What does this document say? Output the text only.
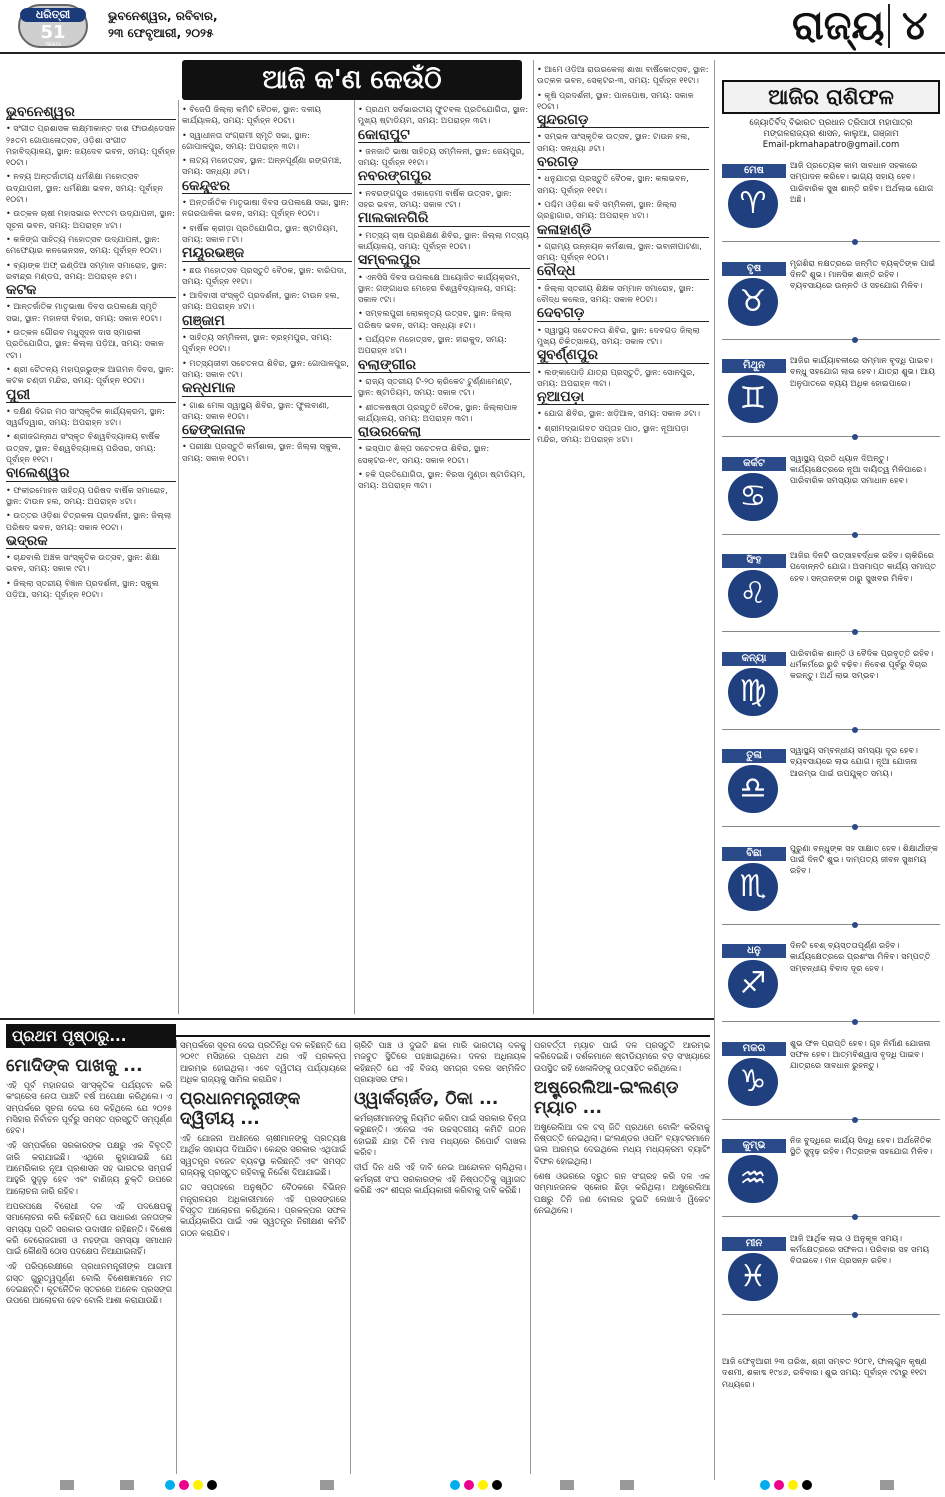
ଧରିତ୍ରୀ
51
Years
ଭୁବନେଶ୍ୱର, ରବିବାର,
୨୩ ଫେବୃଆରୀ, ୨୦୨୫	ରାଜ୍ୟ ୪
ଆଜି କ'ଣ କେଉଁଠି
ଭୁବନେଶ୍ୱର

• ସଂଗୀତ ପ୍ରଶାସକ ଲକ୍ଷ୍ମୀକାନ୍ତ ଦାଶ ଫାଉଣ୍ଡେସନ ୨୫ତମ ଗୋପାଳୋତ୍ସବ, ଓଡ଼ିଶା ସଂଗୀତ ମହାବିଦ୍ୟାଳୟ, ସ୍ଥାନ: ଜୟଦେବ ଭବନ, ସମୟ: ପୂର୍ବାହ୍ନ ୧୦ଟା।

• ନବ୍ୟ ଅନ୍ତର୍ଜାତୀୟ ଧର୍ମଶିକ୍ଷା ମହୋତ୍ସବ ଉଦ୍‌ଯାପନୀ, ସ୍ଥାନ: ଧର୍ମଶିକ୍ଷା ଭବନ, ସମୟ: ପୂର୍ବାହ୍ନ ୧୦ଟା।

• ଉତ୍କଳ ଚାଷୀ ମହାସଭାର ୧୯୯ତମ ଉଦ୍‌ଯାପନୀ, ସ୍ଥାନ: ସୂଚନା ଭବନ, ସମୟ: ଅପରାହ୍ନ ୪ଟା।

• କଳିଙ୍ଗ ସାହିତ୍ୟ ମହୋତ୍ସବ ଉଦ୍‌ଯାପନୀ, ସ୍ଥାନ: ମେଫେୟାର କନଭେନସନ, ସମୟ: ପୂର୍ବାହ୍ନ ୧୦ଟା।

• ବ୍ୟାଙ୍କ ଅଫ୍ ଇଣ୍ଡିଆ ସମ୍ମାନ ସମାରୋହ, ସ୍ଥାନ: ରବୀନ୍ଦ୍ର ମଣ୍ଡପ, ସମୟ: ଅପରାହ୍ନ ୫ଟା।

କଟକ

• ଆନ୍ତର୍ଜାତିକ ମାତୃଭାଷା ଦିବସ ଉପଲକ୍ଷେ ସ୍ମୃତି ସଭା, ସ୍ଥାନ: ମହାନଦୀ ବିହାର, ସମୟ: ସକାଳ ୧୦ଟା।

• ଉତ୍କଳ ଗୌରବ ମଧୁସୂଦନ ଦାସ ସ୍ମାରକୀ ପ୍ରତିଯୋଗିତା, ସ୍ଥାନ: କିଲ୍ଲା ପଡ଼ିଆ, ସମୟ: ସକାଳ ୯ଟା।

• ଶ୍ରୀ ଚୈତନ୍ୟ ମହାପ୍ରଭୁଙ୍କ ଆଗମନ ଦିବସ, ସ୍ଥାନ: କଟକ ଚଣ୍ଡୀ ମନ୍ଦିର, ସମୟ: ପୂର୍ବାହ୍ନ ୧୦ଟା।

ପୁରୀ

• ଦକ୍ଷିଣ ଦିଗର ମଠ ସାଂସ୍କୃତିକ କାର୍ଯ୍ୟକ୍ରମ, ସ୍ଥାନ: ସ୍ୱର୍ଗଦ୍ୱାର, ସମୟ: ଅପରାହ୍ନ ୪ଟା।

• ଶ୍ରୀଜଗନ୍ନାଥ ସଂସ୍କୃତ ବିଶ୍ୱବିଦ୍ୟାଳୟ ବାର୍ଷିକ ଉତ୍ସବ, ସ୍ଥାନ: ବିଶ୍ୱବିଦ୍ୟାଳୟ ପରିସର, ସମୟ: ପୂର୍ବାହ୍ନ ୧୧ଟା।

ବାଲେଶ୍ୱର

• ଫକୀରମୋହନ ସାହିତ୍ୟ ପରିଷଦ ବାର୍ଷିକ ସମାରୋହ, ସ୍ଥାନ: ଟାଉନ ହଲ, ସମୟ: ଅପରାହ୍ନ ୪ଟା।

• ଉତ୍ତର ଓଡ଼ିଶା ଚିତ୍ରକଳା ପ୍ରଦର୍ଶନୀ, ସ୍ଥାନ: ଜିଲ୍ଲା ପରିଷଦ ଭବନ, ସମୟ: ସକାଳ ୧୦ଟା।

ଭଦ୍ରକ

• ଚାନ୍ଦବାଲି ଅଞ୍ଚଳ ସାଂସ୍କୃତିକ ଉତ୍ସବ, ସ୍ଥାନ: ଶିକ୍ଷା ଭବନ, ସମୟ: ସକାଳ ୯ଟା।

• ଜିଲ୍ଲା ସ୍ତରୀୟ ବିଜ୍ଞାନ ପ୍ରଦର୍ଶନୀ, ସ୍ଥାନ: ସ୍କୁଲ ପଡ଼ିଆ, ସମୟ: ପୂର୍ବାହ୍ନ ୧୦ଟା।

• ବିଜେପି ଜିଲ୍ଲା କମିଟି ବୈଠକ, ସ୍ଥାନ: ଦଳୀୟ କାର୍ଯ୍ୟାଳୟ, ସମୟ: ପୂର୍ବାହ୍ନ ୧୦ଟା।

• ସ୍ୱାଧୀନତା ସଂଗ୍ରାମୀ ସ୍ମୃତି ସଭା, ସ୍ଥାନ: ଗୋପାଳପୁର, ସମୟ: ଅପରାହ୍ନ ୩ଟା।

• ନାଟ୍ୟ ମହୋତ୍ସବ, ସ୍ଥାନ: ଅନ୍ନପୂର୍ଣ୍ଣା ରଙ୍ଗମଞ୍ଚ, ସମୟ: ସନ୍ଧ୍ୟା ୬ଟା।

କେନ୍ଦୁଝର

• ଅନ୍ତର୍ଜାତିକ ମାତୃଭାଷା ଦିବସ ଉପଲକ୍ଷେ ସଭା, ସ୍ଥାନ: ନଗରପାଳିକା ଭବନ, ସମୟ: ପୂର୍ବାହ୍ନ ୧୦ଟା।

• ବାର୍ଷିକ କ୍ରୀଡ଼ା ପ୍ରତିଯୋଗିତା, ସ୍ଥାନ: ଷ୍ଟାଡିୟମ, ସମୟ: ସକାଳ ୮ଟା।

ମୟୂରଭଞ୍ଜ

• ଛଉ ମହୋତ୍ସବ ପ୍ରସ୍ତୁତି ବୈଠକ, ସ୍ଥାନ: ବାରିପଦା, ସମୟ: ପୂର୍ବାହ୍ନ ୧୧ଟା।

• ଆଦିବାସୀ ସଂସ୍କୃତି ପ୍ରଦର୍ଶନୀ, ସ୍ଥାନ: ଟାଉନ ହଲ, ସମୟ: ଅପରାହ୍ନ ୪ଟା।

ଗଞ୍ଜାମ

• ସାହିତ୍ୟ ସମ୍ମିଳନୀ, ସ୍ଥାନ: ବ୍ରହ୍ମପୁର, ସମୟ: ପୂର୍ବାହ୍ନ ୧୦ଟା।

• ମତ୍ସ୍ୟଜୀବୀ ସଚେତନତା ଶିବିର, ସ୍ଥାନ: ଗୋପାଳପୁର, ସମୟ: ସକାଳ ୯ଟା।

କନ୍ଧମାଳ

• ଗାଈ ମେଳା ସ୍ୱାସ୍ଥ୍ୟ ଶିବିର, ସ୍ଥାନ: ଫୁଲବାଣୀ, ସମୟ: ସକାଳ ୧୦ଟା।

ଢେଙ୍କାନାଳ

• ପରୀକ୍ଷା ପ୍ରସ୍ତୁତି କର୍ମଶାଳା, ସ୍ଥାନ: ଜିଲ୍ଲା ସ୍କୁଲ, ସମୟ: ସକାଳ ୧୦ଟା।

• ପ୍ରଥମ ସର୍ବଭାରତୀୟ ଫୁଟବଲ ପ୍ରତିଯୋଗିତା, ସ୍ଥାନ: ମୁଖ୍ୟ ଷ୍ଟାଡିୟମ, ସମୟ: ଅପରାହ୍ନ ୩ଟା।

କୋରାପୁଟ

• ଜନଜାତି ଭାଷା ସାହିତ୍ୟ ସମ୍ମିଳନୀ, ସ୍ଥାନ: ଜେୟପୁର, ସମୟ: ପୂର୍ବାହ୍ନ ୧୧ଟା।

ନବରଙ୍ଗପୁର

• ନବରଙ୍ଗପୁର ଏକାଡ଼େମୀ ବାର୍ଷିକ ଉତ୍ସବ, ସ୍ଥାନ: ସହର ଭବନ, ସମୟ: ସକାଳ ୯ଟା।

ମାଲକାନଗିରି

• ମତ୍ସ୍ୟ ଚାଷ ପ୍ରଶିକ୍ଷଣ ଶିବିର, ସ୍ଥାନ: ଜିଲ୍ଲା ମତ୍ସ୍ୟ କାର୍ଯ୍ୟାଳୟ, ସମୟ: ପୂର୍ବାହ୍ନ ୧୦ଟା।

ସମ୍ବଲପୁର

• ଏନସିସି ଦିବସ ଉପଲକ୍ଷେ ଆୟୋଜିତ କାର୍ଯ୍ୟକ୍ରମ, ସ୍ଥାନ: ଗଙ୍ଗାଧର ମେହେର ବିଶ୍ୱବିଦ୍ୟାଳୟ, ସମୟ: ସକାଳ ୯ଟା।

• ସମ୍ବଲପୁରୀ ଲୋକନୃତ୍ୟ ଉତ୍ସବ, ସ୍ଥାନ: ଜିଲ୍ଲା ପରିଷଦ ଭବନ, ସମୟ: ସନ୍ଧ୍ୟା ୫ଟା।

• ପର୍ଯ୍ୟଟନ ମହୋତ୍ସବ, ସ୍ଥାନ: ହୀରାକୁଦ, ସମୟ: ଅପରାହ୍ନ ୪ଟା।

ବଲାଙ୍ଗୀର

• ରାଜ୍ୟ ସ୍ତରୀୟ ଟି-୨୦ କ୍ରିକେଟ ଟୁର୍ଣ୍ଣାମେଣ୍ଟ, ସ୍ଥାନ: ଷ୍ଟାଡିୟମ, ସମୟ: ସକାଳ ୯ଟା।

• ଶୀତଳଷଷ୍ଠୀ ପ୍ରସ୍ତୁତି ବୈଠକ, ସ୍ଥାନ: ଜିଲ୍ଲାପାଳ କାର୍ଯ୍ୟାଳୟ, ସମୟ: ଅପରାହ୍ନ ୩ଟା।

ରାଉରକେଲା

• ଇସ୍ପାତ ଶିଳ୍ପ ସଚେତନତା ଶିବିର, ସ୍ଥାନ: ସେକ୍ଟର-୧୯, ସମୟ: ସକାଳ ୧୦ଟା।

• ହକି ପ୍ରତିଯୋଗିତା, ସ୍ଥାନ: ବିରସା ମୁଣ୍ଡା ଷ୍ଟାଡିୟମ, ସମୟ: ଅପରାହ୍ନ ୩ଟା।

• ଆମେ ଓଡ଼ିଆ ରାଉରକେଲା ଶାଖା ବାର୍ଷିକୋତ୍ସବ, ସ୍ଥାନ: ଉତ୍କଳ ଭବନ, ସେକ୍ଟର-୩, ସମୟ: ପୂର୍ବାହ୍ନ ୧୧ଟା।

• କୃଷି ପ୍ରଦର୍ଶନୀ, ସ୍ଥାନ: ପାନପୋଷ, ସମୟ: ସକାଳ ୧୦ଟା।

ସୁନ୍ଦରଗଡ଼

• ସମ୍ଭଳ ସାଂସ୍କୃତିକ ଉତ୍ସବ, ସ୍ଥାନ: ଟାଉନ ହଲ, ସମୟ: ସନ୍ଧ୍ୟା ୬ଟା।

ବରଗଡ଼

• ଧନୁଯାତ୍ରା ପ୍ରସ୍ତୁତି ବୈଠକ, ସ୍ଥାନ: କଳାଭବନ, ସମୟ: ପୂର୍ବାହ୍ନ ୧୧ଟା।

• ପଶ୍ଚିମ ଓଡ଼ିଶା କବି ସମ୍ମିଳନୀ, ସ୍ଥାନ: ଜିଲ୍ଲା ଗ୍ରନ୍ଥାଗାର, ସମୟ: ଅପରାହ୍ନ ୪ଟା।

କଳାହାଣ୍ଡି

• ଗ୍ରାମ୍ୟ ଉନ୍ନୟନ କର୍ମଶାଳା, ସ୍ଥାନ: ଭବାନୀପାଟଣା, ସମୟ: ପୂର୍ବାହ୍ନ ୧୦ଟା।

ବୌଦ୍ଧ

• ଜିଲ୍ଲା ସ୍ତରୀୟ ଶିକ୍ଷକ ସମ୍ମାନ ସମାରୋହ, ସ୍ଥାନ: ବୌଦ୍ଧ କଲେଜ, ସମୟ: ସକାଳ ୧୦ଟା।

ଦେବଗଡ଼

• ସ୍ୱାସ୍ଥ୍ୟ ସଚେତନତା ଶିବିର, ସ୍ଥାନ: ଦେବଗଡ଼ ଜିଲ୍ଲା ମୁଖ୍ୟ ଚିକିତ୍ସାଳୟ, ସମୟ: ସକାଳ ୯ଟା।

ସୁବର୍ଣ୍ଣପୁର

• ଲଙ୍କାପୋଡ଼ି ଯାତ୍ରା ପ୍ରସ୍ତୁତି, ସ୍ଥାନ: ସୋନପୁର, ସମୟ: ଅପରାହ୍ନ ୩ଟା।

ନୂଆପଡ଼ା

• ଯୋଗ ଶିବିର, ସ୍ଥାନ: ଖଡ଼ିଆଳ, ସମୟ: ସକାଳ ୬ଟା।

• ଶ୍ରୀମଦ୍‌ଭାଗବତ ସପ୍ତାହ ପାଠ, ସ୍ଥାନ: ନୂଆପଡ଼ା ମନ୍ଦିର, ସମୟ: ଅପରାହ୍ନ ୪ଟା।

ଆଜିର ରାଶିଫଳ
ଜ୍ୟୋତିର୍ବିଦ୍ ବିଭାରତ ପ୍ରଧାନ ତ୍ରିପାଠୀ ମହାପାତ୍ର
ମଙ୍ଗଳରାଜ୍ୟର ଶାସନ, କାଲୁଆ, ଗଞ୍ଜାମ
Email-pkmahapatro@gmail.com
ମେଷ
♈
ଆଜି ପ୍ରତ୍ୟେକ କାମ ସାବଧାନ ସହକାରେ ସମ୍ପାଦନ କରିବେ। ଭାଗ୍ୟ ସହାୟ ହେବ। ପାରିବାରିକ ସୁଖ ଶାନ୍ତି ରହିବ। ଅର୍ଥଲାଭ ଯୋଗ ଅଛି।
ବୃଷ
♉
ମୃଗଶିରା ନକ୍ଷତ୍ରରେ ଜନ୍ମିତ ବ୍ୟକ୍ତିଙ୍କ ପାଇଁ ଦିନଟି ଶୁଭ। ମାନସିକ ଶାନ୍ତି ରହିବ। ବ୍ୟବସାୟରେ ଉନ୍ନତି ଓ ସହଯୋଗ ମିଳିବ।
ମିଥୁନ
♊
ଆଜିର କାର୍ଯ୍ୟାବଳୀରେ ସମ୍ମାନ ବୃଦ୍ଧି ପାଇବ। ବନ୍ଧୁ ସହଯୋଗ ଲାଭ ହେବ। ଯାତ୍ରା ଶୁଭ। ଆୟ ଅନୁପାତରେ ବ୍ୟୟ ଅଧିକ ହୋଇପାରେ।
କର୍କଟ
♋
ସ୍ୱାସ୍ଥ୍ୟ ପ୍ରତି ଧ୍ୟାନ ଦିଅନ୍ତୁ। କାର୍ଯ୍ୟକ୍ଷେତ୍ରରେ ନୂଆ ଦାୟିତ୍ୱ ମିଳିପାରେ। ପାରିବାରିକ ସମସ୍ୟାର ସମାଧାନ ହେବ।
ସିଂହ
♌
ଆଜିର ଦିନଟି ଉତ୍ସାହବର୍ଦ୍ଧକ ରହିବ। ଚାକିରିରେ ପଦୋନ୍ନତି ଯୋଗ। ଅସମାପ୍ତ କାର୍ଯ୍ୟ ସମାପ୍ତ ହେବ। ସନ୍ତାନଙ୍କ ଠାରୁ ସୁଖବର ମିଳିବ।
କନ୍ୟା
♍
ପାରିବାରିକ ଶାନ୍ତି ଓ ବୈଦିକ ପ୍ରବୃତ୍ତି ରହିବ। ଧର୍ମକର୍ମରେ ରୁଚି ବଢ଼ିବ। ନିବେଶ ପୂର୍ବରୁ ବିଚାର କରନ୍ତୁ। ଅର୍ଥ ଲାଭ ସମ୍ଭବ।
ତୁଳା
♎
ସ୍ୱାସ୍ଥ୍ୟ ସମ୍ବନ୍ଧୀୟ ସମସ୍ୟା ଦୂର ହେବ। ବ୍ୟବସାୟରେ ଲାଭ ଯୋଗ। ନୂଆ ଯୋଜନା ଆରମ୍ଭ ପାଇଁ ଉପଯୁକ୍ତ ସମୟ।
ବିଛା
♏
ପୁରୁଣା ବନ୍ଧୁଙ୍କ ସହ ସାକ୍ଷାତ ହେବ। ଶିକ୍ଷାର୍ଥୀଙ୍କ ପାଇଁ ଦିନଟି ଶୁଭ। ଦାମ୍ପତ୍ୟ ଜୀବନ ସୁଖମୟ ରହିବ।
ଧନୁ
♐
ଦିନଟି ବେଶ୍ ବ୍ୟସ୍ତତାପୂର୍ଣ୍ଣ ରହିବ। କାର୍ଯ୍ୟକ୍ଷେତ୍ରରେ ପ୍ରଶଂସା ମିଳିବ। ସମ୍ପତ୍ତି ସମ୍ବନ୍ଧୀୟ ବିବାଦ ଦୂର ହେବ।
ମକର
♑
ଶୁଭ ଫଳ ପ୍ରାପ୍ତି ହେବ। ଗୃହ ନିର୍ମାଣ ଯୋଜନା ସଫଳ ହେବ। ଆତ୍ମବିଶ୍ୱାସ ବୃଦ୍ଧି ପାଇବ। ଯାତ୍ରାରେ ସାବଧାନ ରୁହନ୍ତୁ।
କୁମ୍ଭ
♒
ନିଜ ବୁଦ୍ଧିରେ କାର୍ଯ୍ୟ ସିଦ୍ଧି ହେବ। ଅର୍ଥନୈତିକ ସ୍ଥିତି ସୁଦୃଢ଼ ରହିବ। ମିତ୍ରଙ୍କ ସହଯୋଗ ମିଳିବ।
ମୀନ
♓
ଆଜି ଆର୍ଥିକ ଲାଭ ଓ ଅନୁକୂଳ ସମୟ। କର୍ମକ୍ଷେତ୍ରରେ ସଫଳତା। ପରିବାର ସହ ସମୟ ବିତାଇବେ। ମନ ପ୍ରସନ୍ନ ରହିବ।
ଆଜି ଫେବୃଆରୀ ୨୩ ତାରିଖ, ଶ୍ରୀ ସମ୍ବତ ୨୦୮୧, ଫାଲ୍‌ଗୁନ କୃଷ୍ଣ ଦଶମୀ, ଶକାବ୍ଦ ୧୯୪୬, ରବିବାର। ଶୁଭ ସମୟ: ପୂର୍ବାହ୍ନ ୯ଟାରୁ ୧୧ଟା ମଧ୍ୟରେ।
ପ୍ରଥମ ପୃଷ୍ଠାରୁ...
ମୋଦିଙ୍କ ପାଖକୁ ...

ଏହି ପୂର୍ବ ମହାନଗର ସାଂସ୍କୃତିକ ପର୍ଯ୍ୟଟନ କରି କଂଗ୍ରେସ ନେତା ପାଞ୍ଚଟି ବର୍ଷ ଅପେକ୍ଷା କରିଥିଲେ। ଏ ସମ୍ପର୍କରେ ସୂଚନା ଦେଇ ସେ କହିଥିଲେ ଯେ ୨୦୨୫ ମସିହାର ନିର୍ବାଚନ ପୂର୍ବରୁ ସମସ୍ତ ପ୍ରସ୍ତୁତି ସମ୍ପୂର୍ଣ୍ଣ ହେବ।

ଏହି ସମ୍ପର୍କରେ ସରକାରଙ୍କ ପକ୍ଷରୁ ଏକ ବିବୃତ୍ତି ଜାରି କରାଯାଇଛି। ଏଥିରେ କୁହାଯାଇଛି ଯେ ଆମେରିକାର ନୂଆ ପ୍ରଶାସନ ସହ ଭାରତର ସମ୍ପର୍କ ଆହୁରି ସୁଦୃଢ଼ ହେବ ଏବଂ ବାଣିଜ୍ୟ ଚୁକ୍ତି ଉପରେ ଆଲୋଚନା ଜାରି ରହିବ।

ଅପରପକ୍ଷେ ବିରୋଧୀ ଦଳ ଏହି ପଦକ୍ଷେପକୁ ସମାଲୋଚନା କରି କହିଛନ୍ତି ଯେ ସାଧାରଣ ଜନତାଙ୍କ ସମସ୍ୟା ପ୍ରତି ସରକାର ଉଦାସୀନ ରହିଛନ୍ତି। ବିଶେଷ କରି ବେରୋଜଗାରୀ ଓ ମହଙ୍ଗା ସମସ୍ୟା ସମାଧାନ ପାଇଁ କୌଣସି ଠୋସ ପଦକ୍ଷେପ ନିଆଯାଇନାହିଁ।

ଏହି ପରିପ୍ରେକ୍ଷୀରେ ପ୍ରଧାନମନ୍ତ୍ରୀଙ୍କ ଆଗାମୀ ଗସ୍ତ ଗୁରୁତ୍ୱପୂର୍ଣ୍ଣ ବୋଲି ବିଶେଷଜ୍ଞମାନେ ମତ ଦେଇଛନ୍ତି। କୂଟନୈତିକ ସ୍ତରରେ ଅନେକ ପ୍ରସଙ୍ଗ ଉପରେ ଆଲୋଚନା ହେବ ବୋଲି ଆଶା କରାଯାଉଛି।

ସମ୍ପର୍କରେ ସୂଚନା ଦେଇ ପ୍ରତିନିଧି ଦଳ କହିଛନ୍ତି ଯେ ୨୦୧୯ ମସିହାରେ ପ୍ରଥମ ଥର ଏହି ପ୍ରକଳ୍ପ ଆରମ୍ଭ ହୋଇଥିଲା। ଏବେ ଦ୍ୱିତୀୟ ପର୍ଯ୍ୟାୟରେ ଅଧିକ ରାଜ୍ୟକୁ ସାମିଲ କରାଯିବ।

ପ୍ରଧାନମନ୍ତ୍ରୀଙ୍କ ଦ୍ୱିତୀୟ ...

ଏହି ଯୋଜନା ଅଧୀନରେ ଚାଷୀମାନଙ୍କୁ ପ୍ରତ୍ୟକ୍ଷ ଆର୍ଥିକ ସହାୟତା ଦିଆଯିବ। କେନ୍ଦ୍ର ସରକାର ଏଥିପାଇଁ ସ୍ୱତନ୍ତ୍ର ବଜେଟ ବ୍ୟବସ୍ଥା କରିଛନ୍ତି ଏବଂ ସମସ୍ତ ରାଜ୍ୟକୁ ପ୍ରସ୍ତୁତ ରହିବାକୁ ନିର୍ଦ୍ଦେଶ ଦିଆଯାଇଛି।

ଗତ ସପ୍ତାହରେ ଅନୁଷ୍ଠିତ ବୈଠକରେ ବିଭିନ୍ନ ମନ୍ତ୍ରାଳୟର ଅଧିକାରୀମାନେ ଏହି ପ୍ରସଙ୍ଗରେ ବିସ୍ତୃତ ଆଲୋଚନା କରିଥିଲେ। ପ୍ରକଳ୍ପର ସଫଳ କାର୍ଯ୍ୟକାରିତା ପାଇଁ ଏକ ସ୍ୱତନ୍ତ୍ର ନିରୀକ୍ଷଣ କମିଟି ଗଠନ କରାଯିବ।

ଚାରିଟି ପାଞ୍ଚ ଓ ଦୁଇଟି ଛକା ମାରି ଭାରତୀୟ ଦଳକୁ ମଜବୁତ ସ୍ଥିତିରେ ପହଞ୍ଚାଇଥିଲେ। ଦଳର ଅଧିନାୟକ କହିଛନ୍ତି ଯେ ଏହି ବିଜୟ ସମଗ୍ର ଦଳର ସମ୍ମିଳିତ ପ୍ରୟାସର ଫଳ।

ଓ୍ୱାର୍କଚାର୍ଜଡ, ଠିକା ...

କର୍ମଚାରୀମାନଙ୍କୁ ନିୟମିତ କରିବା ପାଇଁ ସରକାର ଚିନ୍ତା କରୁଛନ୍ତି। ଏନେଇ ଏକ ଉଚ୍ଚସ୍ତରୀୟ କମିଟି ଗଠନ ହୋଇଛି ଯାହା ତିନି ମାସ ମଧ୍ୟରେ ରିପୋର୍ଟ ଦାଖଲ କରିବ।

ଦୀର୍ଘ ଦିନ ଧରି ଏହି ଦାବି ନେଇ ଆନ୍ଦୋଳନ ଚାଲିଥିଲା। କର୍ମଚାରୀ ସଂଘ ସରକାରଙ୍କ ଏହି ନିଷ୍ପତ୍ତିକୁ ସ୍ୱାଗତ କରିଛି ଏବଂ ଶୀଘ୍ର କାର୍ଯ୍ୟକାରୀ କରିବାକୁ ଦାବି କରିଛି।

ପରବର୍ତ୍ତୀ ମ୍ୟାଚ ପାଇଁ ଦଳ ପ୍ରସ୍ତୁତି ଆରମ୍ଭ କରିଦେଇଛି। ଦର୍ଶକମାନେ ଷ୍ଟାଡିୟମରେ ବଡ଼ ସଂଖ୍ୟାରେ ଉପସ୍ଥିତ ରହି ଖେଳାଳିଙ୍କୁ ଉତ୍ସାହିତ କରିଥିଲେ।

ଅଷ୍ଟ୍ରେଲିଆ-ଇଂଲଣ୍ଡ ମ୍ୟାଚ ...

ଅଷ୍ଟ୍ରେଲିଆ ଦଳ ଟସ୍ ଜିତି ପ୍ରଥମେ ବୋଲିଂ କରିବାକୁ ନିଷ୍ପତ୍ତି ନେଇଥିଲା। ଇଂଲଣ୍ଡର ଓପନିଂ ବ୍ୟାଟରମାନେ ଭଲ ଆରମ୍ଭ ଦେଇଥିଲେ ମଧ୍ୟ ମଧ୍ୟକ୍ରମ ବ୍ୟାଟିଂ ବିଫଳ ହୋଇଥିଲା।

ଶେଷ ଓଭରରେ ଦ୍ରୁତ ରନ ସଂଗ୍ରହ କରି ଦଳ ଏକ ସମ୍ମାନଜନକ ସ୍କୋର ଛିଡ଼ା କରିଥିଲା। ଅଷ୍ଟ୍ରେଲିଆ ପକ୍ଷରୁ ତିନି ଜଣ ବୋଲର ଦୁଇଟି ଲେଖାଏଁ ୱିକେଟ ନେଇଥିଲେ।
